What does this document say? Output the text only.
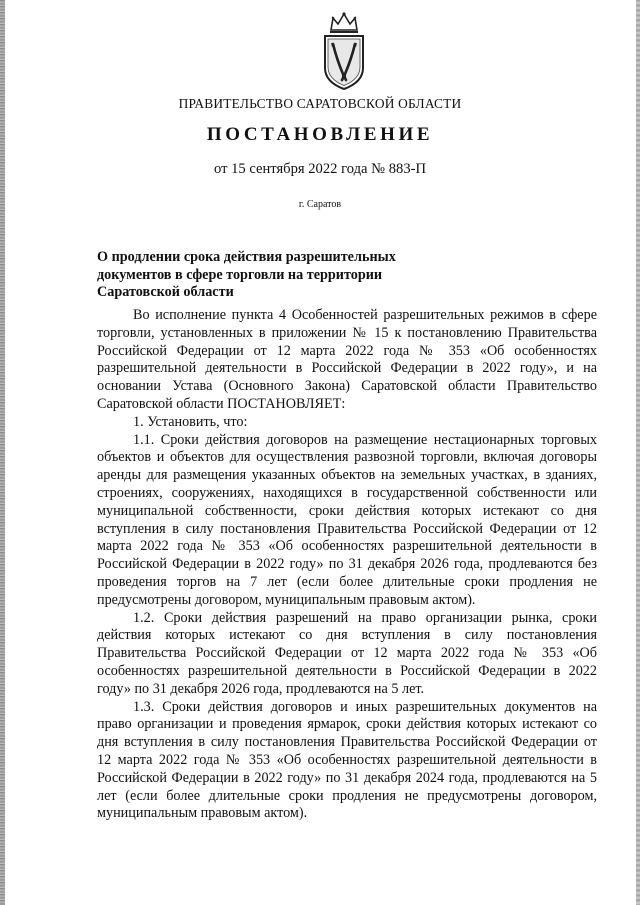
ПРАВИТЕЛЬСТВО САРАТОВСКОЙ ОБЛАСТИ
ПОСТАНОВЛЕНИЕ
от 15 сентября 2022 года № 883-П
г. Саратов
О продлении срока действия разрешительных документов в сфере торговли на территории Саратовской области

Во исполнение пункта 4 Особенностей разрешительных режимов в сфере торговли, установленных в приложении № 15 к постановлению Правительства Российской Федерации от 12 марта 2022 года № 353 «Об особенностях разрешительной деятельности в Российской Федерации в 2022 году», и на основании Устава (Основного Закона) Саратовской области Правительство Саратовской области ПОСТАНОВЛЯЕТ:

1. Установить, что:

1.1. Сроки действия договоров на размещение нестационарных торговых объектов и объектов для осуществления развозной торговли, включая договоры аренды для размещения указанных объектов на земельных участках, в зданиях, строениях, сооружениях, находящихся в государственной собственности или муниципальной собственности, сроки действия которых истекают со дня вступления в силу постановления Правительства Российской Федерации от 12 марта 2022 года № 353 «Об особенностях разрешительной деятельности в Российской Федерации в 2022 году» по 31 декабря 2026 года, продлеваются без проведения торгов на 7 лет (если более длительные сроки продления не предусмотрены договором, муниципальным правовым актом).

1.2. Сроки действия разрешений на право организации рынка, сроки действия которых истекают со дня вступления в силу постановления Правительства Российской Федерации от 12 марта 2022 года № 353 «Об особенностях разрешительной деятельности в Российской Федерации в 2022 году» по 31 декабря 2026 года, продлеваются на 5 лет.

1.3. Сроки действия договоров и иных разрешительных документов на право организации и проведения ярмарок, сроки действия которых истекают со дня вступления в силу постановления Правительства Российской Федерации от 12 марта 2022 года № 353 «Об особенностях разрешительной деятельности в Российской Федерации в 2022 году» по 31 декабря 2024 года, продлеваются на 5 лет (если более длительные сроки продления не предусмотрены договором, муниципальным правовым актом).
